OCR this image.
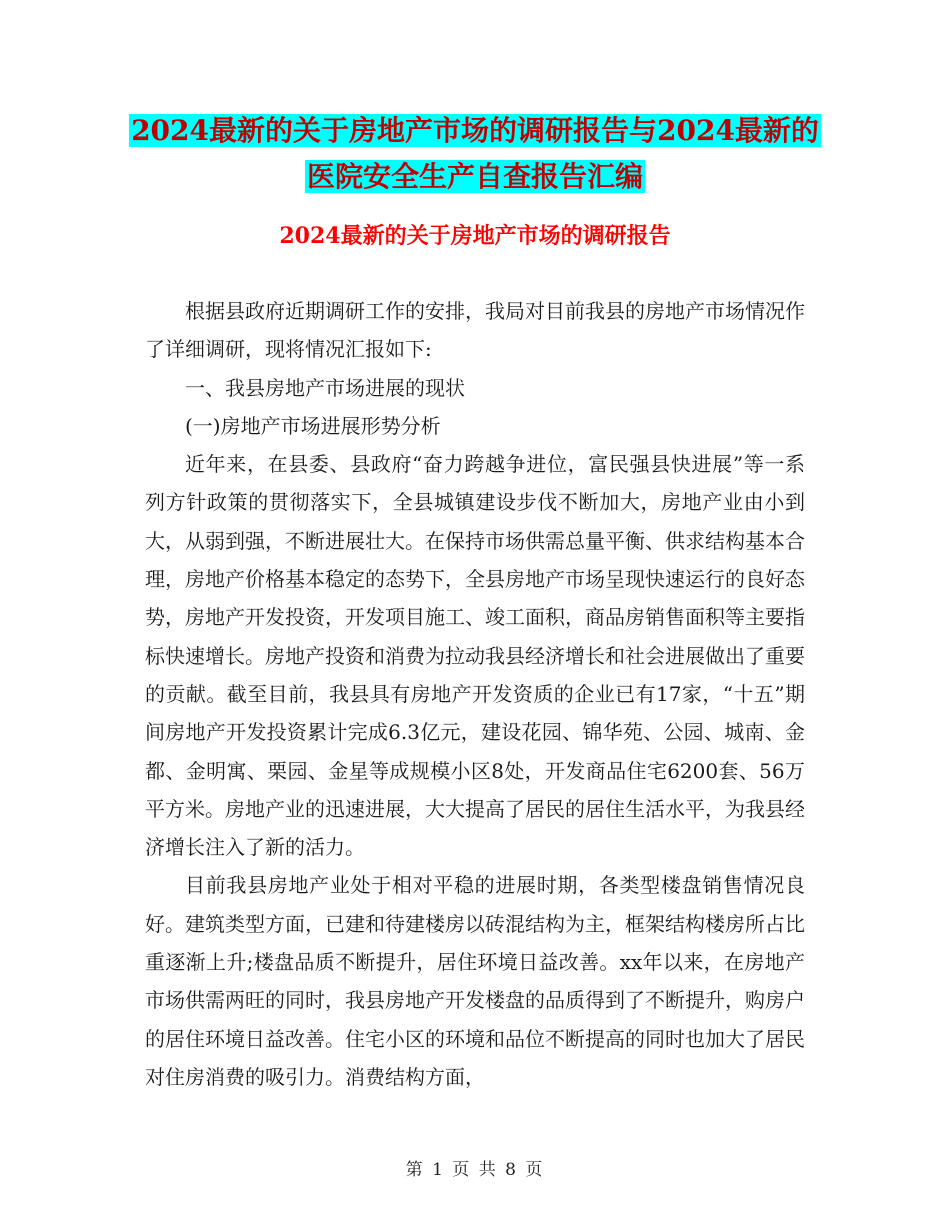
2024最新的关于房地产市场的调研报告与2024最新的
医院安全生产自查报告汇编
2024最新的关于房地产市场的调研报告

根据县政府近期调研工作的安排，我局对目前我县的房地产市场情况作了详细调研，现将情况汇报如下:

一、我县房地产市场进展的现状

(一)房地产市场进展形势分析

近年来，在县委、县政府“奋力跨越争进位，富民强县快进展”等一系列方针政策的贯彻落实下，全县城镇建设步伐不断加大，房地产业由小到大，从弱到强，不断进展壮大。在保持市场供需总量平衡、供求结构基本合理，房地产价格基本稳定的态势下，全县房地产市场呈现快速运行的良好态势，房地产开发投资，开发项目施工、竣工面积，商品房销售面积等主要指标快速增长。房地产投资和消费为拉动我县经济增长和社会进展做出了重要的贡献。截至目前，我县具有房地产开发资质的企业已有17家，“十五”期间房地产开发投资累计完成6.3亿元，建设花园、锦华苑、公园、城南、金都、金明寓、栗园、金星等成规模小区8处，开发商品住宅6200套、56万平方米。房地产业的迅速进展，大大提高了居民的居住生活水平，为我县经济增长注入了新的活力。

目前我县房地产业处于相对平稳的进展时期，各类型楼盘销售情况良好。建筑类型方面，已建和待建楼房以砖混结构为主，框架结构楼房所占比重逐渐上升;楼盘品质不断提升，居住环境日益改善。xx年以来，在房地产市场供需两旺的同时，我县房地产开发楼盘的品质得到了不断提升，购房户的居住环境日益改善。住宅小区的环境和品位不断提高的同时也加大了居民对住房消费的吸引力。消费结构方面，

第 1 页 共 8 页
